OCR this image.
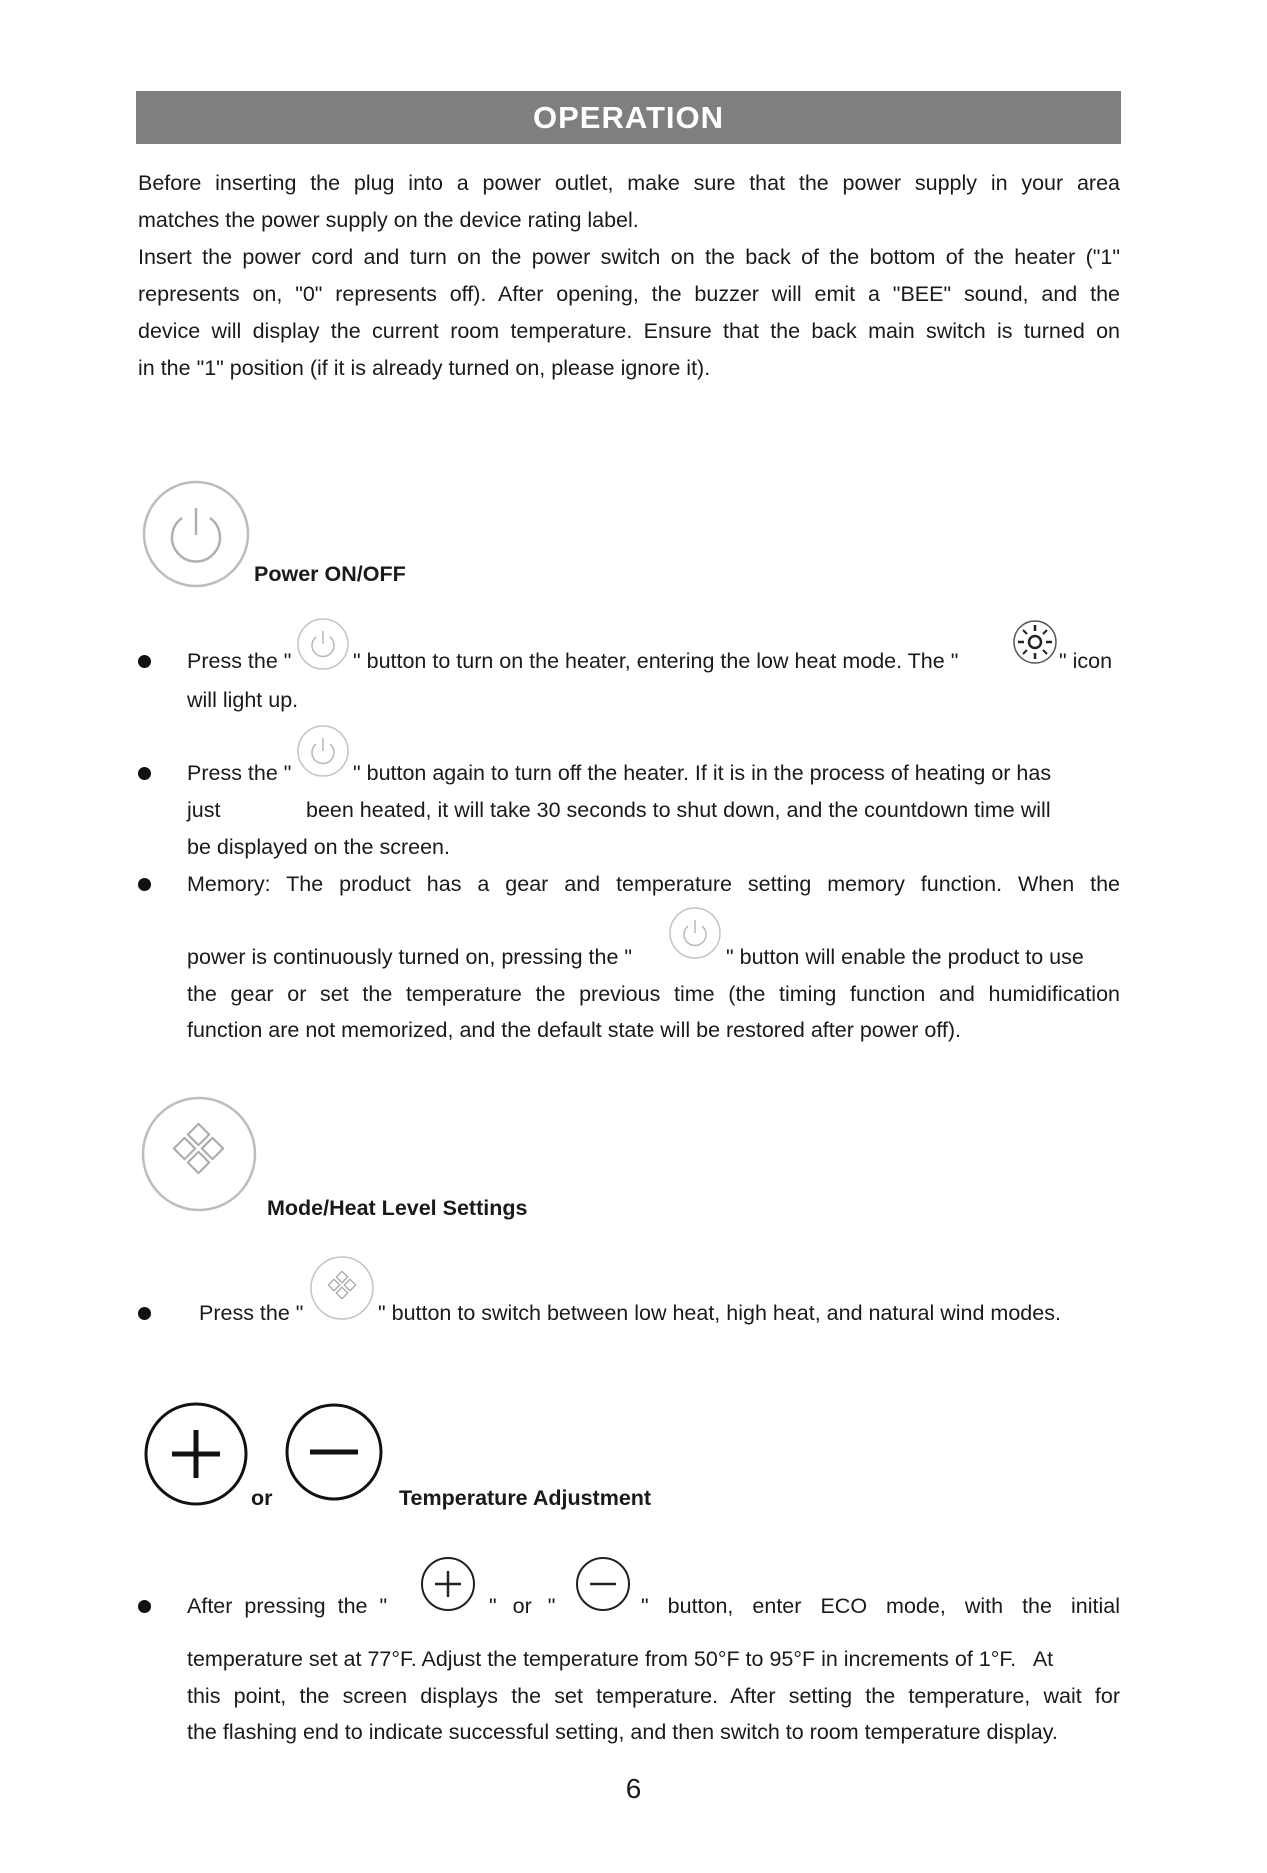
OPERATION
Before inserting the plug into a power outlet, make sure that the power supply in your area
matches the power supply on the device rating label.
Insert the power cord and turn on the power switch on the back of the bottom of the heater ("1"
represents on, "0" represents off). After opening, the buzzer will emit a "BEE" sound, and the
device will display the current room temperature. Ensure that the back main switch is turned on
in the "1" position (if it is already turned on, please ignore it).
Power ON/OFF
Press the "	" button to turn on the heater, entering the low heat mode. The "	" icon
will light up.
Press the "	" button again to turn off the heater. If it is in the process of heating or has
just	been heated, it will take 30 seconds to shut down, and the countdown time will
be displayed on the screen.
Memory: The product has a gear and temperature setting memory function. When the
power is continuously turned on, pressing the "	" button will enable the product to use
the gear or set the temperature the previous time (the timing function and humidification
function are not memorized, and the default state will be restored after power off).
Mode/Heat Level Settings
Press the "	" button to switch between low heat, high heat, and natural wind modes.
or	Temperature Adjustment
After pressing the "	" or "	" button, enter ECO mode, with the initial
temperature set at 77°F. Adjust the temperature from 50°F to 95°F in increments of 1°F.   At
this point, the screen displays the set temperature. After setting the temperature, wait for
the flashing end to indicate successful setting, and then switch to room temperature display.
6
